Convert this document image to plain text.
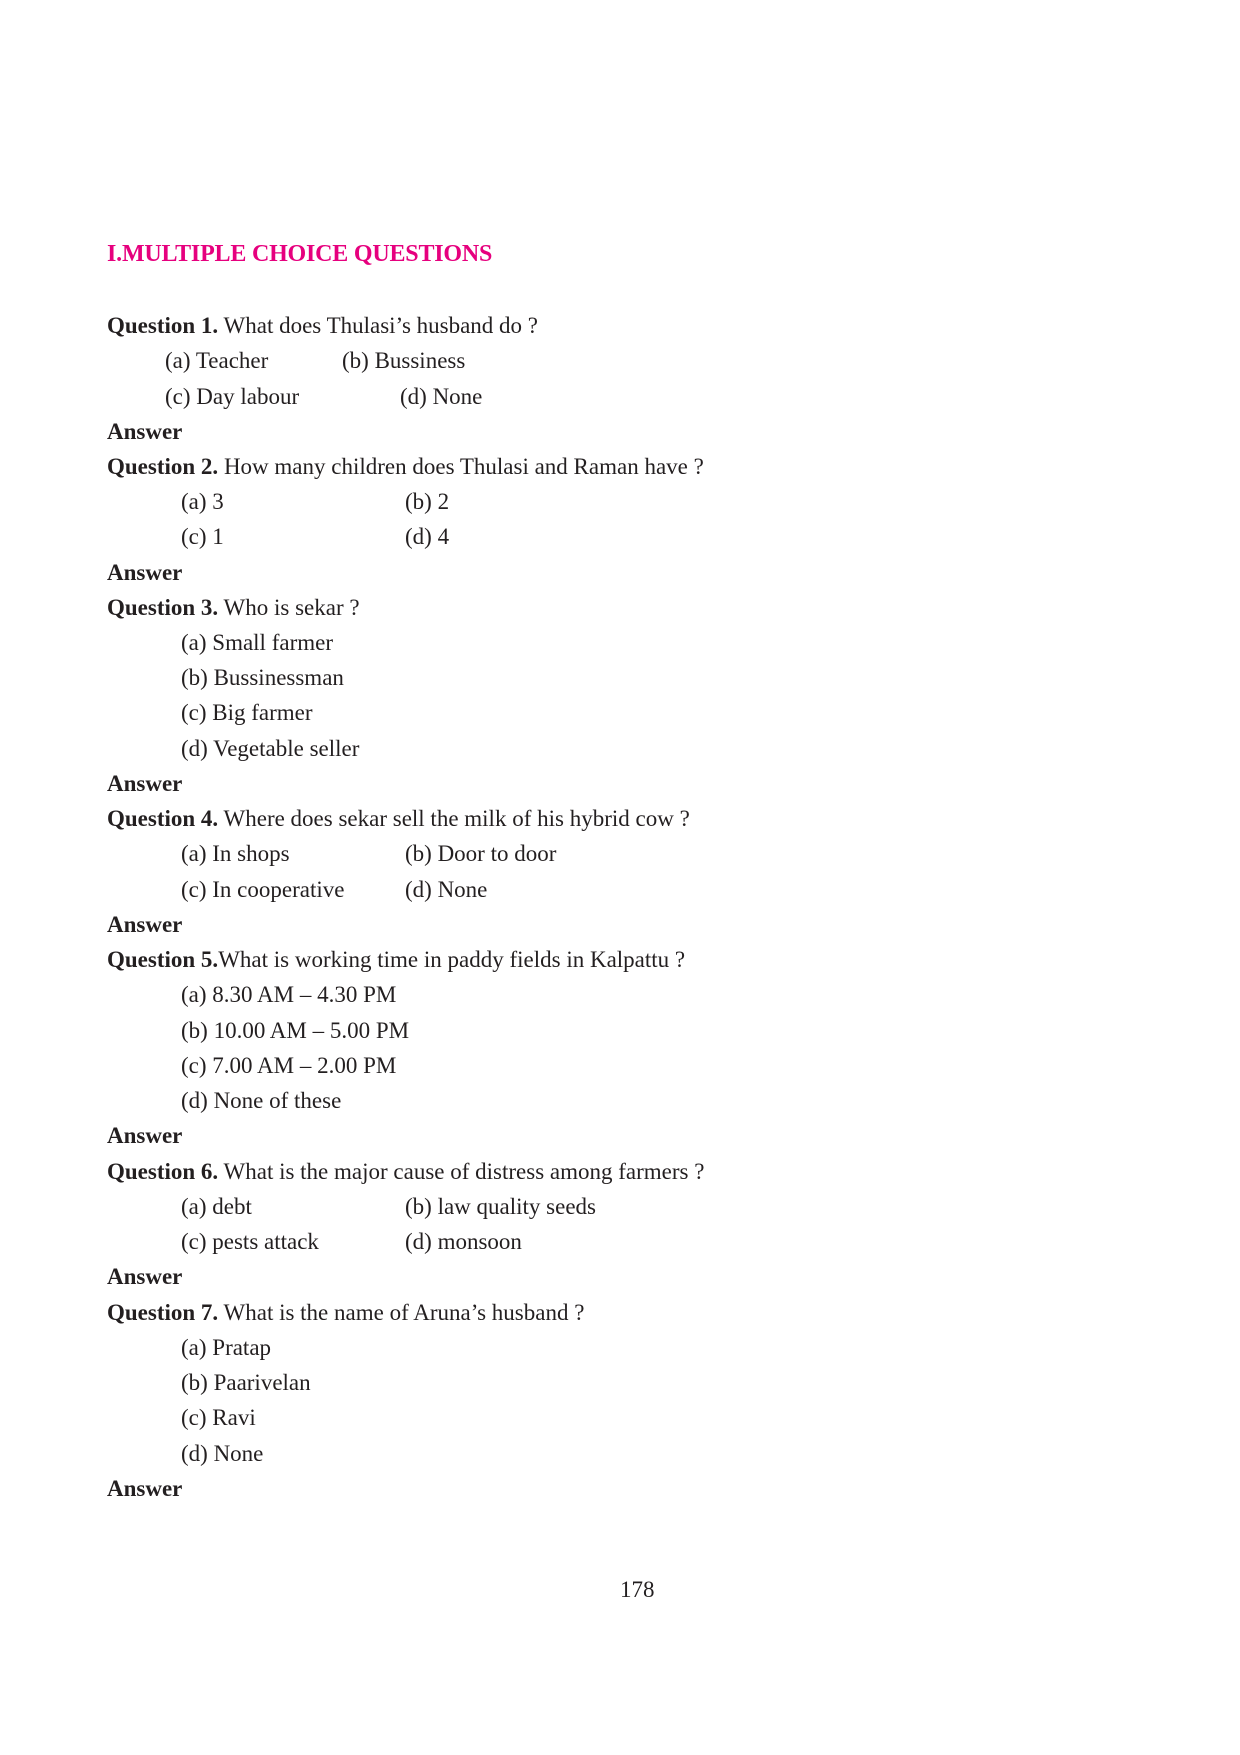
I.MULTIPLE CHOICE QUESTIONS
Question 1. What does Thulasi’s husband do ?
(a) Teacher	(b) Bussiness
(c) Day labour	(d) None
Answer
Question 2. How many children does Thulasi and Raman have ?
(a) 3	(b) 2
(c) 1	(d) 4
Answer
Question 3. Who is sekar ?
(a) Small farmer
(b) Bussinessman
(c) Big farmer
(d) Vegetable seller
Answer
Question 4. Where does sekar sell the milk of his hybrid cow ?
(a) In shops	(b) Door to door
(c) In cooperative	(d) None
Answer
Question 5.What is working time in paddy fields in Kalpattu ?
(a) 8.30 AM – 4.30 PM
(b) 10.00 AM – 5.00 PM
(c) 7.00 AM – 2.00 PM
(d) None of these
Answer
Question 6. What is the major cause of distress among farmers ?
(a) debt	(b) law quality seeds
(c) pests attack	(d) monsoon
Answer
Question 7. What is the name of Aruna’s husband ?
(a) Pratap
(b) Paarivelan
(c) Ravi
(d) None
Answer
178
